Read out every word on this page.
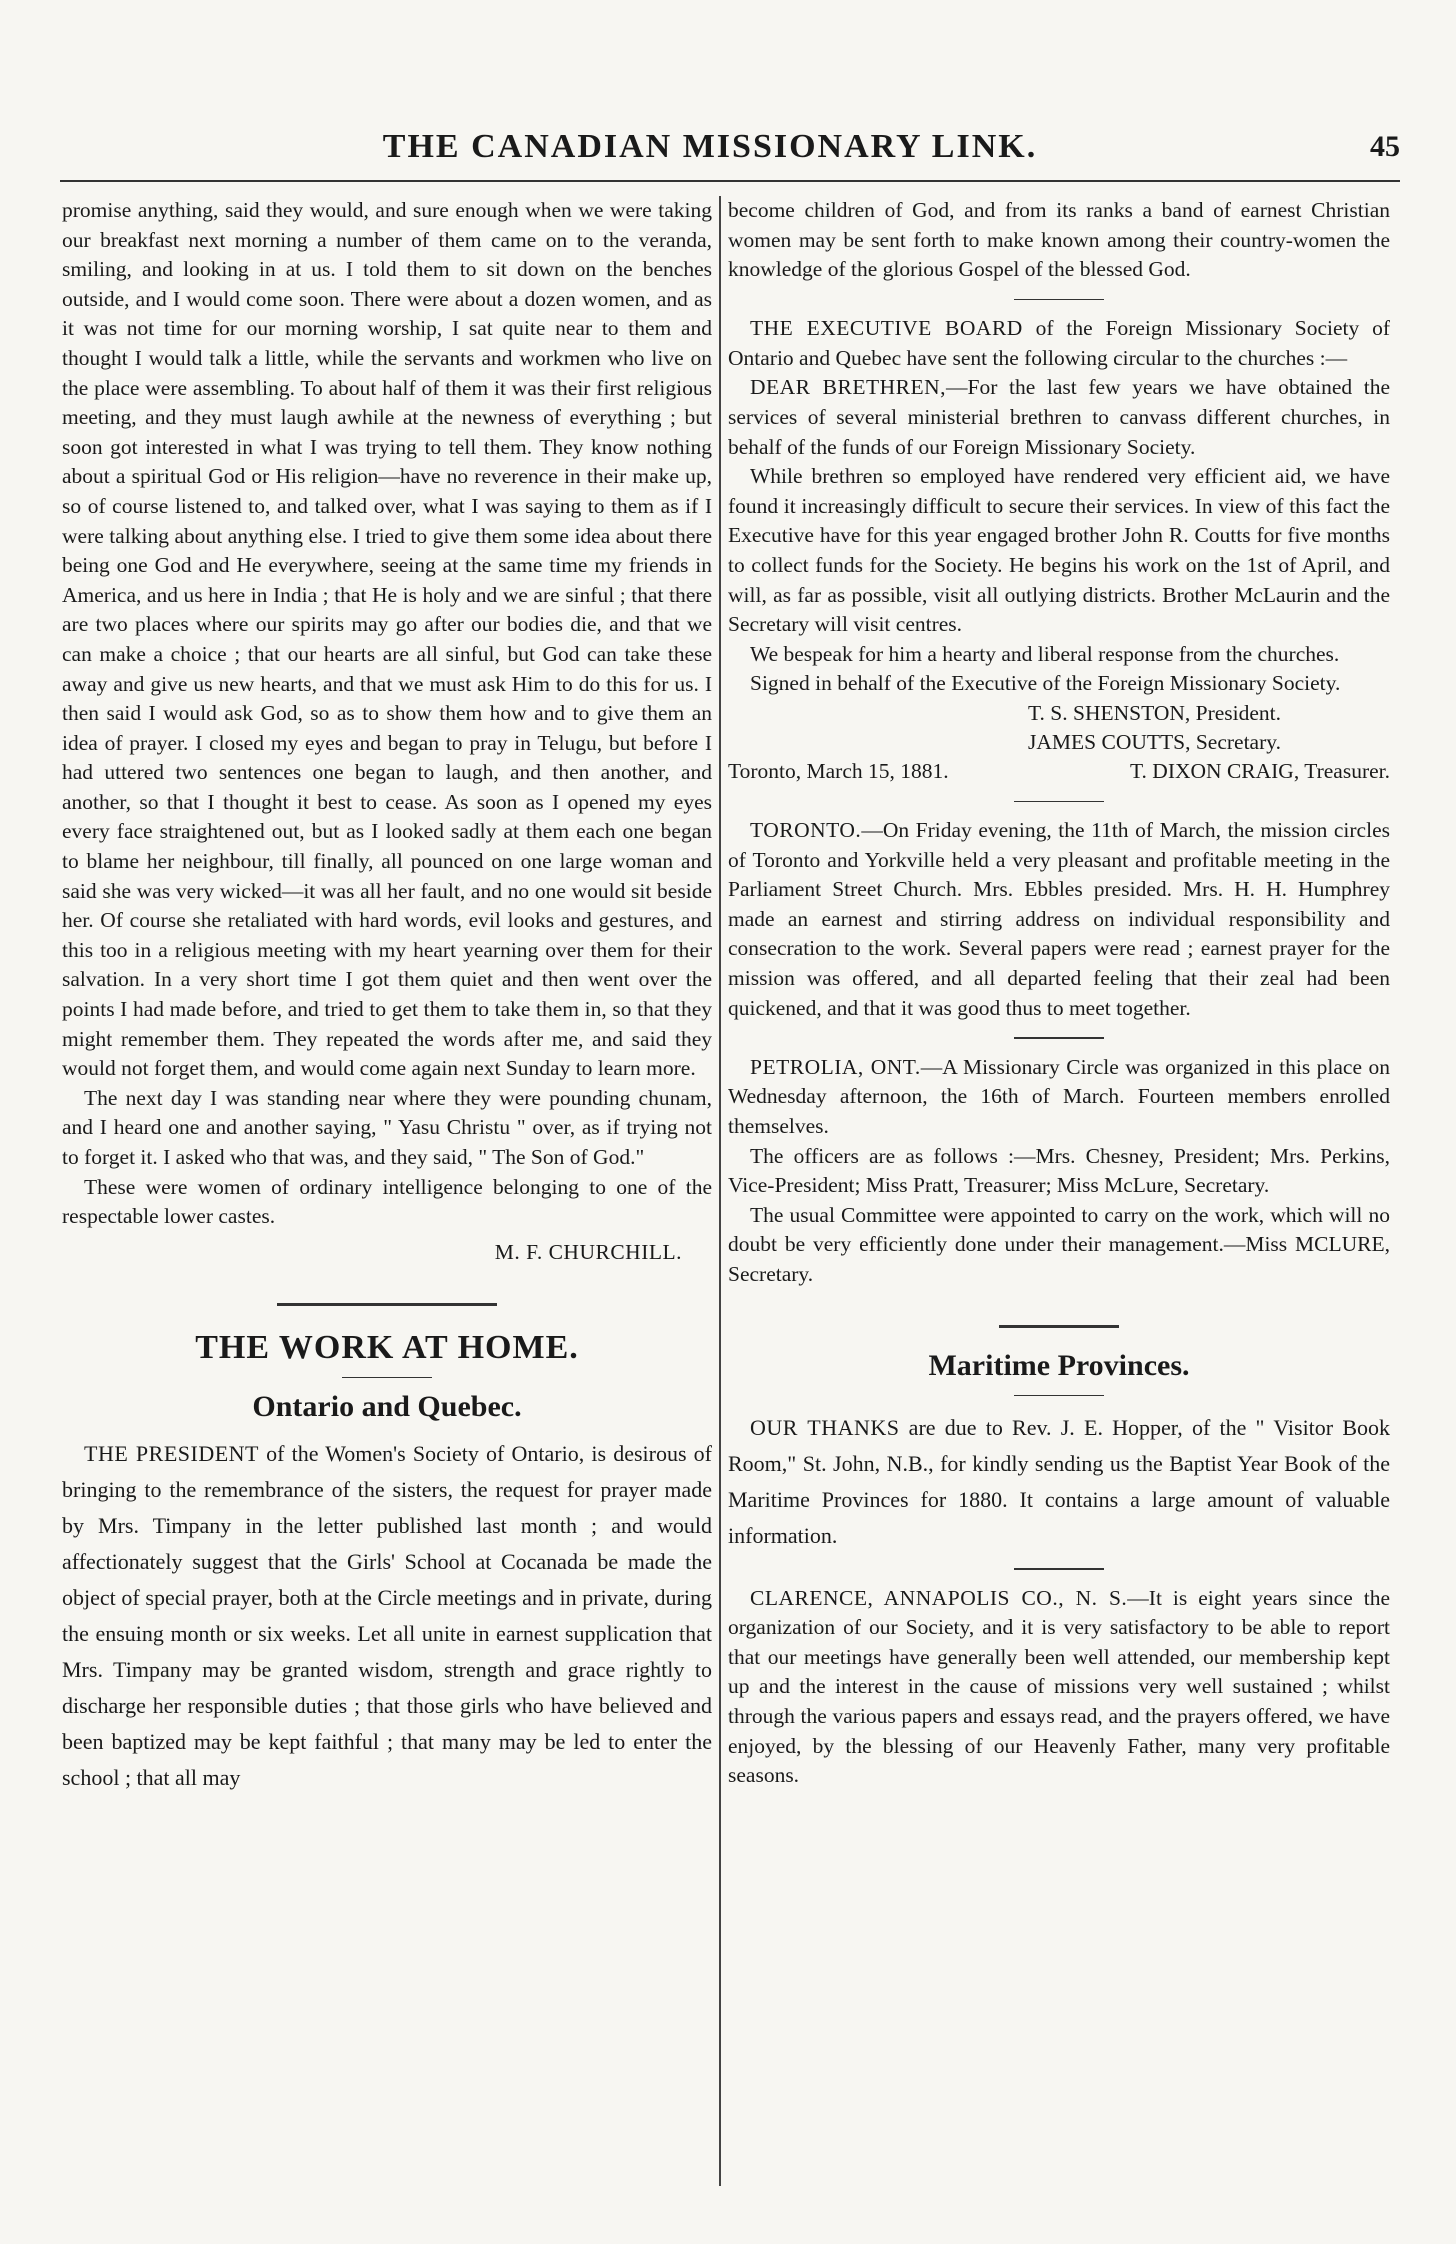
THE CANADIAN MISSIONARY LINK.	45

promise anything, said they would, and sure enough when we were taking our breakfast next morning a number of them came on to the veranda, smiling, and looking in at us. I told them to sit down on the benches outside, and I would come soon. There were about a dozen women, and as it was not time for our morning worship, I sat quite near to them and thought I would talk a little, while the servants and workmen who live on the place were assembling. To about half of them it was their first religious meeting, and they must laugh awhile at the newness of everything ; but soon got interested in what I was trying to tell them. They know nothing about a spiritual God or His religion—have no reverence in their make up, so of course listened to, and talked over, what I was saying to them as if I were talking about anything else. I tried to give them some idea about there being one God and He everywhere, seeing at the same time my friends in America, and us here in India ; that He is holy and we are sinful ; that there are two places where our spirits may go after our bodies die, and that we can make a choice ; that our hearts are all sinful, but God can take these away and give us new hearts, and that we must ask Him to do this for us. I then said I would ask God, so as to show them how and to give them an idea of prayer. I closed my eyes and began to pray in Telugu, but before I had uttered two sentences one began to laugh, and then another, and another, so that I thought it best to cease. As soon as I opened my eyes every face straightened out, but as I looked sadly at them each one began to blame her neighbour, till finally, all pounced on one large woman and said she was very wicked—it was all her fault, and no one would sit beside her. Of course she retaliated with hard words, evil looks and gestures, and this too in a religious meeting with my heart yearning over them for their salvation. In a very short time I got them quiet and then went over the points I had made before, and tried to get them to take them in, so that they might remember them. They repeated the words after me, and said they would not forget them, and would come again next Sunday to learn more.

The next day I was standing near where they were pounding chunam, and I heard one and another saying, " Yasu Christu " over, as if trying not to forget it. I asked who that was, and they said, " The Son of God."

These were women of ordinary intelligence belonging to one of the respectable lower castes.

M. F. CHURCHILL.

THE WORK AT HOME.

Ontario and Quebec.

THE PRESIDENT of the Women's Society of Ontario, is desirous of bringing to the remembrance of the sisters, the request for prayer made by Mrs. Timpany in the letter published last month ; and would affectionately suggest that the Girls' School at Cocanada be made the object of special prayer, both at the Circle meetings and in private, during the ensuing month or six weeks. Let all unite in earnest supplication that Mrs. Timpany may be granted wisdom, strength and grace rightly to discharge her responsible duties ; that those girls who have believed and been baptized may be kept faithful ; that many may be led to enter the school ; that all may

become children of God, and from its ranks a band of earnest Christian women may be sent forth to make known among their country-women the knowledge of the glorious Gospel of the blessed God.

THE EXECUTIVE BOARD of the Foreign Missionary Society of Ontario and Quebec have sent the following circular to the churches :—

DEAR BRETHREN,—For the last few years we have obtained the services of several ministerial brethren to canvass different churches, in behalf of the funds of our Foreign Missionary Society.

While brethren so employed have rendered very efficient aid, we have found it increasingly difficult to secure their services. In view of this fact the Executive have for this year engaged brother John R. Coutts for five months to collect funds for the Society. He begins his work on the 1st of April, and will, as far as possible, visit all outlying districts. Brother McLaurin and the Secretary will visit centres.

We bespeak for him a hearty and liberal response from the churches.

Signed in behalf of the Executive of the Foreign Missionary Society.

T. S. SHENSTON, President.

JAMES COUTTS, Secretary.

Toronto, March 15, 1881.	T. DIXON CRAIG, Treasurer.

TORONTO.—On Friday evening, the 11th of March, the mission circles of Toronto and Yorkville held a very pleasant and profitable meeting in the Parliament Street Church. Mrs. Ebbles presided. Mrs. H. H. Humphrey made an earnest and stirring address on individual responsibility and consecration to the work. Several papers were read ; earnest prayer for the mission was offered, and all departed feeling that their zeal had been quickened, and that it was good thus to meet together.

PETROLIA, ONT.—A Missionary Circle was organized in this place on Wednesday afternoon, the 16th of March. Fourteen members enrolled themselves.

The officers are as follows :—Mrs. Chesney, President; Mrs. Perkins, Vice-President; Miss Pratt, Treasurer; Miss McLure, Secretary.

The usual Committee were appointed to carry on the work, which will no doubt be very efficiently done under their management.—Miss MCLURE, Secretary.

Maritime Provinces.

OUR THANKS are due to Rev. J. E. Hopper, of the " Visitor Book Room," St. John, N.B., for kindly sending us the Baptist Year Book of the Maritime Provinces for 1880. It contains a large amount of valuable information.

CLARENCE, ANNAPOLIS CO., N. S.—It is eight years since the organization of our Society, and it is very satisfactory to be able to report that our meetings have generally been well attended, our membership kept up and the interest in the cause of missions very well sustained ; whilst through the various papers and essays read, and the prayers offered, we have enjoyed, by the blessing of our Heavenly Father, many very profitable seasons.
